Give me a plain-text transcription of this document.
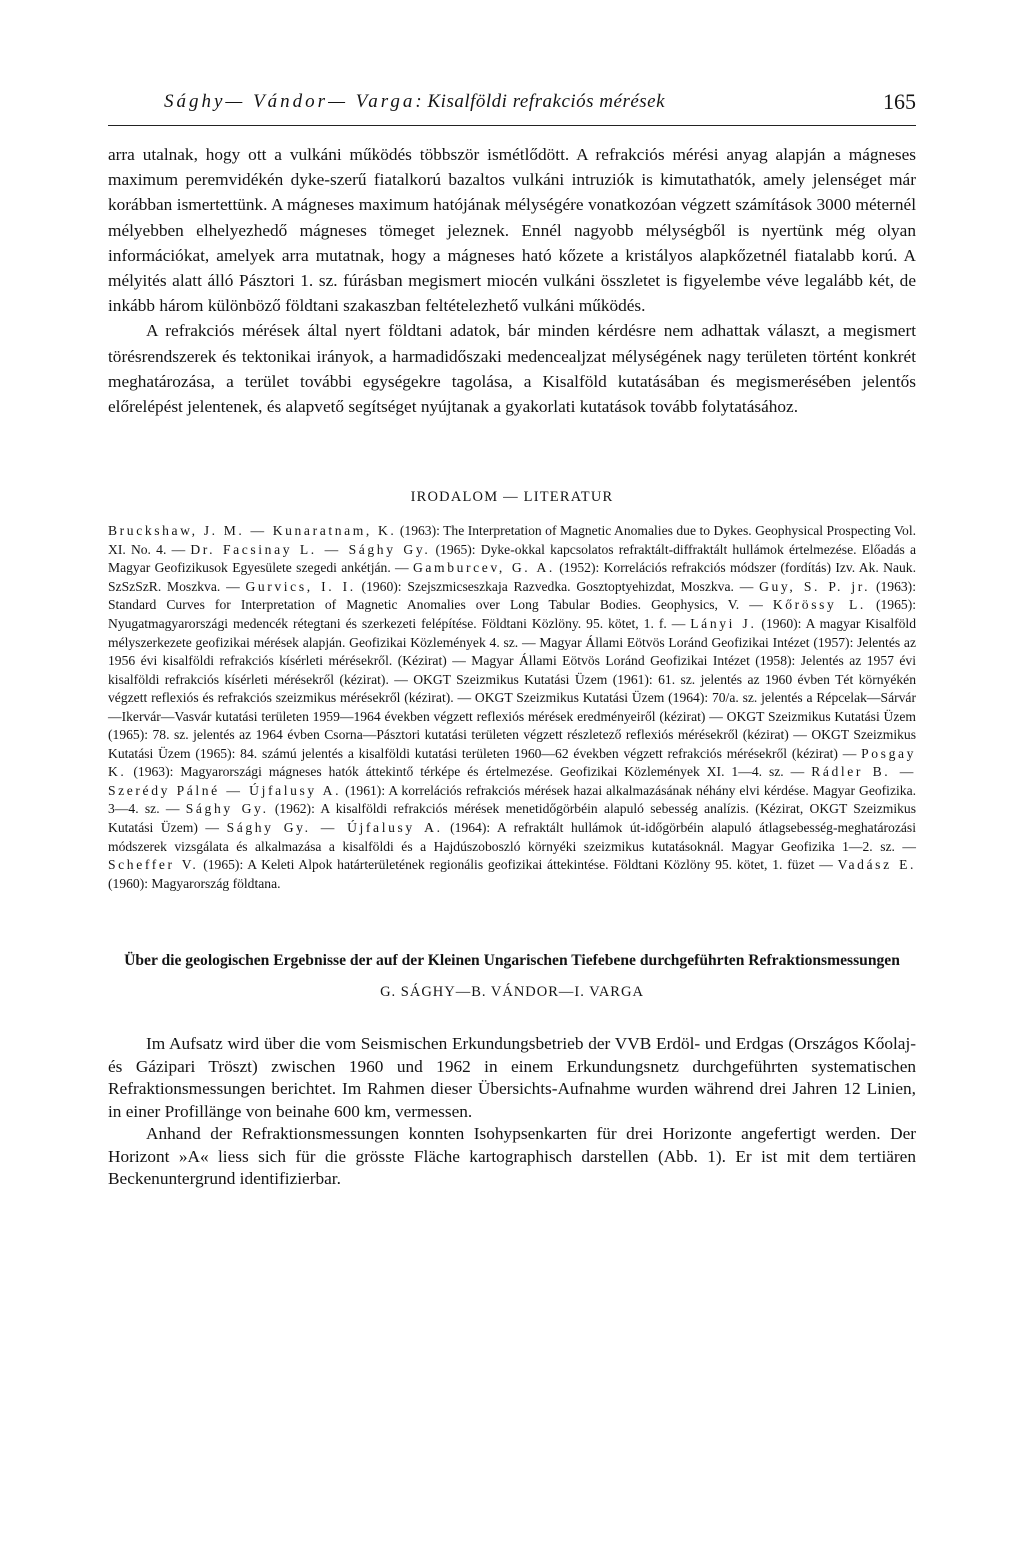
Sághy— Vándor— Varga: Kisalföldi refrakciós mérések	165

arra utalnak, hogy ott a vulkáni működés többször ismétlődött. A refrakciós mérési anyag alapján a mágneses maximum peremvidékén dyke-szerű fiatalkorú bazaltos vulkáni intruziók is kimutathatók, amely jelenséget már korábban ismertettünk. A mágneses maximum hatójának mélységére vonatkozóan végzett számítások 3000 méternél mélyebben elhelyezhedő mágneses tömeget jeleznek. Ennél nagyobb mélységből is nyertünk még olyan információkat, amelyek arra mutatnak, hogy a mágneses ható kőzete a kristályos alapkőzetnél fiatalabb korú. A mélyités alatt álló Pásztori 1. sz. fúrásban megismert miocén vulkáni összletet is figyelembe véve legalább két, de inkább három különböző földtani szakaszban feltételezhető vulkáni működés.

A refrakciós mérések által nyert földtani adatok, bár minden kérdésre nem adhattak választ, a megismert törésrendszerek és tektonikai irányok, a harmadidőszaki medencealjzat mélységének nagy területen történt konkrét meghatározása, a terület további egységekre tagolása, a Kisalföld kutatásában és megismerésében jelentős előrelépést jelentenek, és alapvető segítséget nyújtanak a gyakorlati kutatások tovább folytatásához.

IRODALOM — LITERATUR
Bruckshaw, J. M. — Kunaratnam, K. (1963): The Interpretation of Magnetic Anomalies due to Dykes. Geophysical Prospecting Vol. XI. No. 4. — Dr. Facsinay L. — Sághy Gy. (1965): Dyke-okkal kapcsolatos refraktált-diffraktált hullámok értelmezése. Előadás a Magyar Geofizikusok Egyesülete szegedi ankétján. — Gamburcev, G. A. (1952): Korrelációs refrakciós módszer (fordítás) Izv. Ak. Nauk. SzSzSzR. Moszkva. — Gurvics, I. I. (1960): Szejszmicseszkaja Razvedka. Gosztoptyehizdat, Moszkva. — Guy, S. P. jr. (1963): Standard Curves for Interpretation of Magnetic Anomalies over Long Tabular Bodies. Geophysics, V. — Kőrössy L. (1965): Nyugatmagyarországi medencék rétegtani és szerkezeti felépítése. Földtani Közlöny. 95. kötet, 1. f. — Lányi J. (1960): A magyar Kisalföld mélyszerkezete geofizikai mérések alapján. Geofizikai Közlemények 4. sz. — Magyar Állami Eötvös Loránd Geofizikai Intézet (1957): Jelentés az 1956 évi kisalföldi refrakciós kísérleti mérésekről. (Kézirat) — Magyar Állami Eötvös Loránd Geofizikai Intézet (1958): Jelentés az 1957 évi kisalföldi refrakciós kísérleti mérésekről (kézirat). — OKGT Szeizmikus Kutatási Üzem (1961): 61. sz. jelentés az 1960 évben Tét környékén végzett reflexiós és refrakciós szeizmikus mérésekről (kézirat). — OKGT Szeizmikus Kutatási Üzem (1964): 70/a. sz. jelentés a Répcelak—Sárvár—Ikervár—Vasvár kutatási területen 1959—1964 években végzett reflexiós mérések eredményeiről (kézirat) — OKGT Szeizmikus Kutatási Üzem (1965): 78. sz. jelentés az 1964 évben Csorna—Pásztori kutatási területen végzett részletező reflexiós mérésekről (kézirat) — OKGT Szeizmikus Kutatási Üzem (1965): 84. számú jelentés a kisalföldi kutatási területen 1960—62 években végzett refrakciós mérésekről (kézirat) — Posgay K. (1963): Magyarországi mágneses hatók áttekintő térképe és értelmezése. Geofizikai Közlemények XI. 1—4. sz. — Rádler B. — Szerédy Pálné — Újfalusy A. (1961): A korrelációs refrakciós mérések hazai alkalmazásának néhány elvi kérdése. Magyar Geofizika. 3—4. sz. — Sághy Gy. (1962): A kisalföldi refrakciós mérések menetidőgörbéin alapuló sebesség analízis. (Kézirat, OKGT Szeizmikus Kutatási Üzem) — Sághy Gy. — Újfalusy A. (1964): A refraktált hullámok út-időgörbéin alapuló átlagsebesség-meghatározási módszerek vizsgálata és alkalmazása a kisalföldi és a Hajdúszoboszló környéki szeizmikus kutatásoknál. Magyar Geofizika 1—2. sz. — Scheffer V. (1965): A Keleti Alpok határterületének regionális geofizikai áttekintése. Földtani Közlöny 95. kötet, 1. füzet — Vadász E. (1960): Magyarország földtana.
Über die geologischen Ergebnisse der auf der Kleinen Ungarischen Tiefebene durchgeführten Refraktionsmessungen
G. SÁGHY—B. VÁNDOR—I. VARGA

Im Aufsatz wird über die vom Seismischen Erkundungsbetrieb der VVB Erdöl- und Erdgas (Országos Kőolaj- és Gázipari Tröszt) zwischen 1960 und 1962 in einem Erkundungsnetz durchgeführten systematischen Refraktionsmessungen berichtet. Im Rahmen dieser Übersichts-Aufnahme wurden während drei Jahren 12 Linien, in einer Profillänge von beinahe 600 km, vermessen.

Anhand der Refraktionsmessungen konnten Isohypsenkarten für drei Horizonte angefertigt werden. Der Horizont »A« liess sich für die grösste Fläche kartographisch darstellen (Abb. 1). Er ist mit dem tertiären Beckenuntergrund identifizierbar.
